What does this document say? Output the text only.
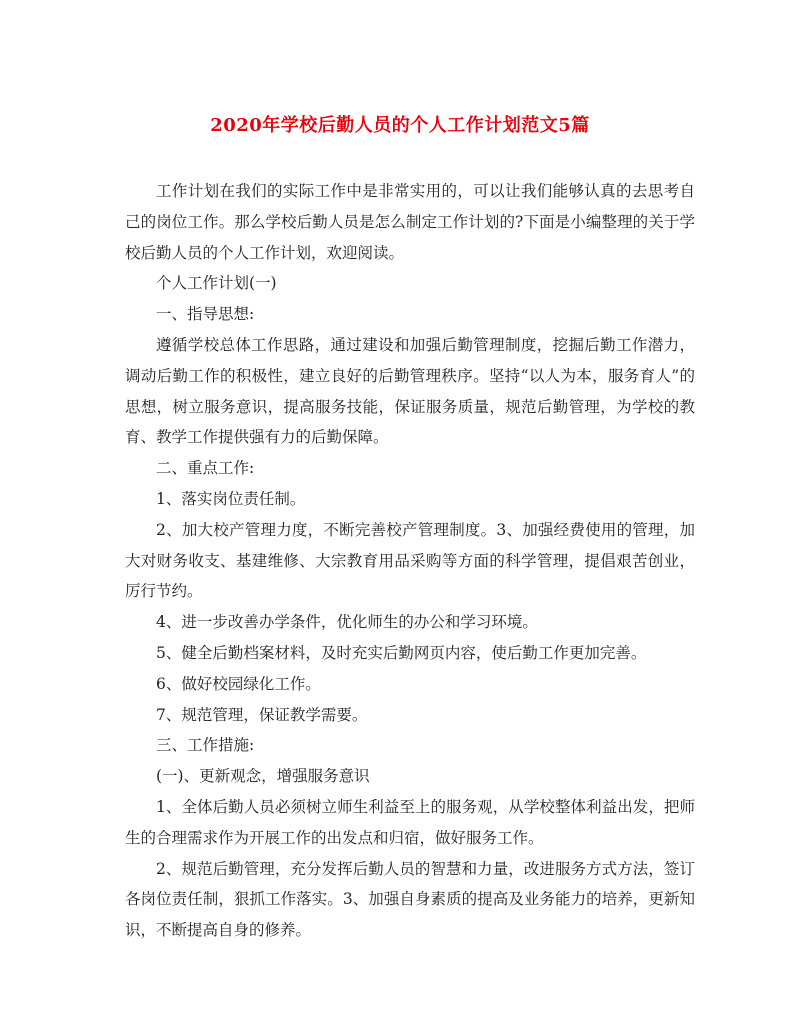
2020年学校后勤人员的个人工作计划范文5篇

工作计划在我们的实际工作中是非常实用的，可以让我们能够认真的去思考自己的岗位工作。那么学校后勤人员是怎么制定工作计划的?下面是小编整理的关于学校后勤人员的个人工作计划，欢迎阅读。

个人工作计划(一)

一、指导思想:

遵循学校总体工作思路，通过建设和加强后勤管理制度，挖掘后勤工作潜力，调动后勤工作的积极性，建立良好的后勤管理秩序。坚持“以人为本，服务育人”的思想，树立服务意识，提高服务技能，保证服务质量，规范后勤管理，为学校的教育、教学工作提供强有力的后勤保障。

二、重点工作:

1、落实岗位责任制。

2、加大校产管理力度，不断完善校产管理制度。3、加强经费使用的管理，加大对财务收支、基建维修、大宗教育用品采购等方面的科学管理，提倡艰苦创业，厉行节约。

4、进一步改善办学条件，优化师生的办公和学习环境。

5、健全后勤档案材料，及时充实后勤网页内容，使后勤工作更加完善。

6、做好校园绿化工作。

7、规范管理，保证教学需要。

三、工作措施:

(一)、更新观念，增强服务意识

1、全体后勤人员必须树立师生利益至上的服务观，从学校整体利益出发，把师生的合理需求作为开展工作的出发点和归宿，做好服务工作。

2、规范后勤管理，充分发挥后勤人员的智慧和力量，改进服务方式方法，签订各岗位责任制，狠抓工作落实。3、加强自身素质的提高及业务能力的培养，更新知识，不断提高自身的修养。
